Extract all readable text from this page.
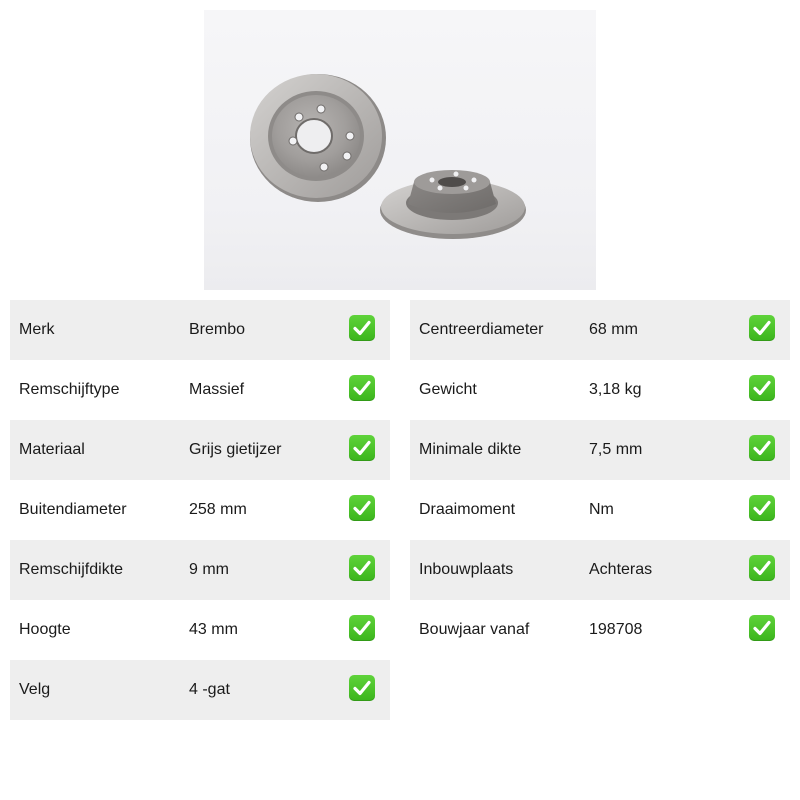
Merk	Brembo
Remschijftype	Massief
Materiaal	Grijs gietijzer
Buitendiameter	258 mm
Remschijfdikte	9 mm
Hoogte	43 mm
Velg	4 -gat
Centreerdiameter	68 mm
Gewicht	3,18 kg
Minimale dikte	7,5 mm
Draaimoment	Nm
Inbouwplaats	Achteras
Bouwjaar vanaf	198708
